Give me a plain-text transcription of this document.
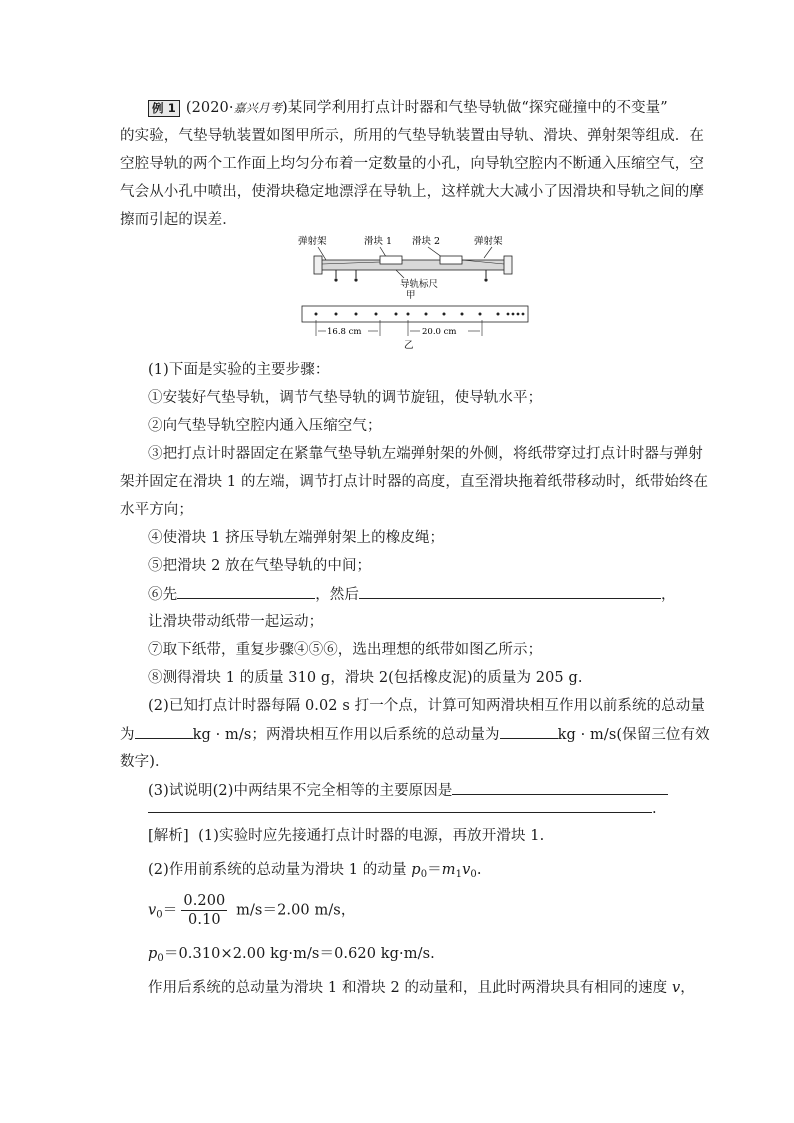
例 1 (2020·嘉兴月考)某同学利用打点计时器和气垫导轨做“探究碰撞中的不变量”
的实验，气垫导轨装置如图甲所示，所用的气垫导轨装置由导轨、滑块、弹射架等组成．在
空腔导轨的两个工作面上均匀分布着一定数量的小孔，向导轨空腔内不断通入压缩空气，空
气会从小孔中喷出，使滑块稳定地漂浮在导轨上，这样就大大减小了因滑块和导轨之间的摩
擦而引起的误差．
弹射架	滑块 1 滑块 2	弹射架
导轨标尺
甲
16.8 cm	20.0 cm
乙
(1)下面是实验的主要步骤：
①安装好气垫导轨，调节气垫导轨的调节旋钮，使导轨水平；
②向气垫导轨空腔内通入压缩空气；
③把打点计时器固定在紧靠气垫导轨左端弹射架的外侧，将纸带穿过打点计时器与弹射
架并固定在滑块 1 的左端，调节打点计时器的高度，直至滑块拖着纸带移动时，纸带始终在
水平方向；
④使滑块 1 挤压导轨左端弹射架上的橡皮绳；
⑤把滑块 2 放在气垫导轨的中间；
⑥先	，然后	，
让滑块带动纸带一起运动；
⑦取下纸带，重复步骤④⑤⑥，选出理想的纸带如图乙所示；
⑧测得滑块 1 的质量 310 g，滑块 2(包括橡皮泥)的质量为 205 g.
(2)已知打点计时器每隔 0.02 s 打一个点，计算可知两滑块相互作用以前系统的总动量
为	kg · m/s；两滑块相互作用以后系统的总动量为	kg · m/s(保留三位有效
数字)．
(3)试说明(2)中两结果不完全相等的主要原因是
.
[解析] (1)实验时应先接通打点计时器的电源，再放开滑块 1.
(2)作用前系统的总动量为滑块 1 的动量 $p_0=m_1v_0$.
$v_0= \frac{0.200}{0.10} m/s=2.00$ m/s，
$p_0=0.310\times 2.00$ kg·m/s＝0.620 kg·m/s.
作用后系统的总动量为滑块 1 和滑块 2 的动量和，且此时两滑块具有相同的速度 v，
